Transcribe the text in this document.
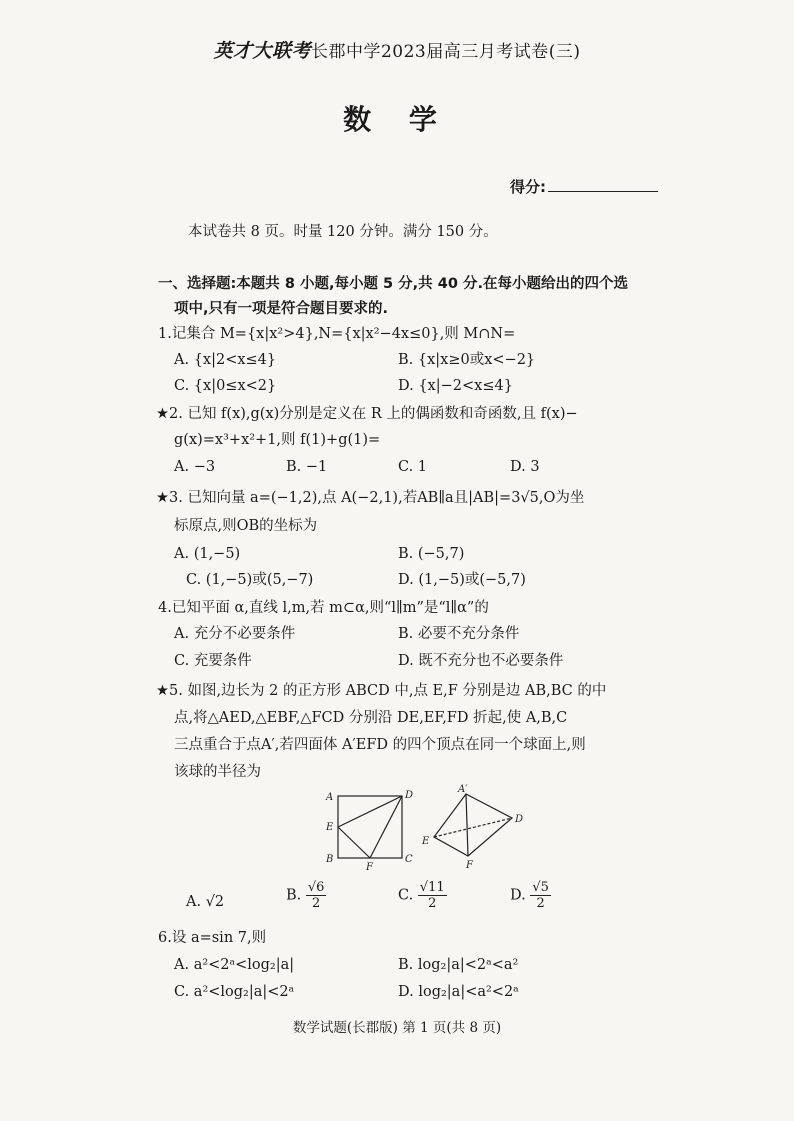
英才大联考长郡中学2023届高三月考试卷(三)
数 学
得分:
本试卷共 8 页。时量 120 分钟。满分 150 分。
一、选择题:本题共 8 小题,每小题 5 分,共 40 分.在每小题给出的四个选
项中,只有一项是符合题目要求的.
1.记集合 M={x|x²>4},N={x|x²−4x≤0},则 M∩N=
A. {x|2<x≤4}	B. {x|x≥0或x<−2}
C. {x|0≤x<2}	D. {x|−2<x≤4}
★2. 已知 f(x),g(x)分别是定义在 R 上的偶函数和奇函数,且 f(x)−
g(x)=x³+x²+1,则 f(1)+g(1)=
A. −3	B. −1	C. 1	D. 3
★3. 已知向量 a=(−1,2),点 A(−2,1),若AB∥a且|AB|=3√5,O为坐
标原点,则OB的坐标为
A. (1,−5)	B. (−5,7)
C. (1,−5)或(5,−7)	D. (1,−5)或(−5,7)
4.已知平面 α,直线 l,m,若 m⊂α,则“l∥m”是“l∥α”的
A. 充分不必要条件	B. 必要不充分条件
C. 充要条件	D. 既不充分也不必要条件
★5. 如图,边长为 2 的正方形 ABCD 中,点 E,F 分别是边 AB,BC 的中
点,将△AED,△EBF,△FCD 分别沿 DE,EF,FD 折起,使 A,B,C
三点重合于点A′,若四面体 A′EFD 的四个顶点在同一个球面上,则
该球的半径为
A
E
B
F
C
D
A′
E
D
F
A. √2	B. $\frac{√6}{2}$	C. $\frac{√11}{2}$	D. $\frac{√5}{2}$
6.设 a=sin 7,则
A. a²<2ᵃ<log₂|a|	B. log₂|a|<2ᵃ<a²
C. a²<log₂|a|<2ᵃ	D. log₂|a|<a²<2ᵃ
数学试题(长郡版) 第 1 页(共 8 页)
